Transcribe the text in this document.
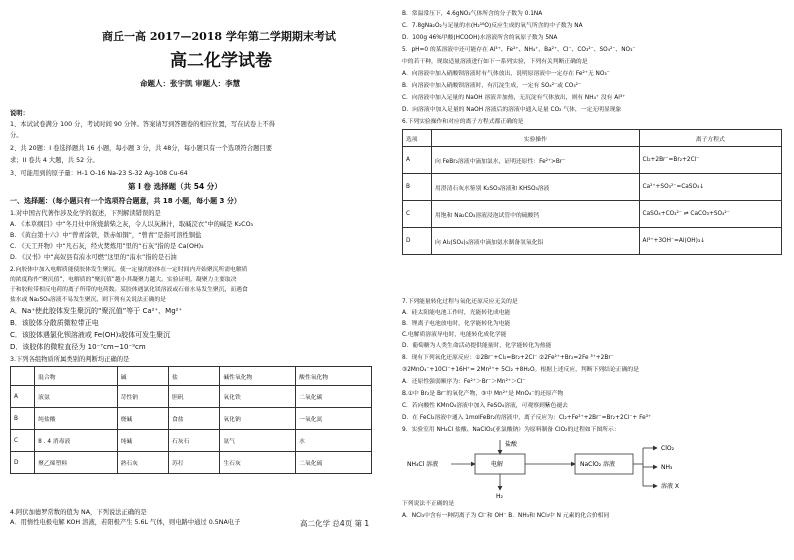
商丘一高 2017—2018 学年第二学期期末考试
高二化学试卷
命题人：张宇凯 审题人：李慧
说明：
1、本试试卷满分 100 分，考试时间 90 分钟。答案请写到答题卷的相应位置，写在试卷上不得
分。
2、共 20题：I 卷选择题共 16 小题，每小题 3 分，共 48分，每小题只有一个选项符合题目要
求；II 卷共 4 大题，共 52 分。
3、可能用到的原子量：H-1 O-16 Na-23 S-32 Ag-108 Cu-64
第 I 卷 选择题（共 54 分）
一、选择题：（每小题只有一个选项符合题意，共 18 小题，每小题 3 分）
1.对中国古代著作涉及化学的叙述，下列解读错误的是
A. 《本草纲目》中“冬月灶中所烧薪柴之灰，令人以灰淋汁，取碱浣衣”中的碱是 K₂CO₃
B. 《黄白第十六》中“曾青涂铁，铁赤如铜”，“曾青”是指可溶性铜盐
C. 《天工开物》中“凡石灰，经火焚炼用”里的“石灰”指的是 Ca(OH)₂
D. 《汉书》中“高奴县有洧水可燃”这里的“洧水”指的是石油
2.向胶体中加入电解质能使胶体发生聚沉。使一定量的胶体在一定时间内开始聚沉所需电解质
的浓度称作“聚沉值”，电解质的“聚沉值”越小其凝聚力越大。实验证明，凝聚力主要取决
于和胶粒带相反电荷的离子所带的电荷数。某胶体遇氯化镁溶液或石膏水易发生聚沉，而遇食
盐水或 Na₂SO₄溶液不易发生聚沉，则下列有关说法正确的是
A．Na⁺使此胶体发生聚沉的“聚沉值”等于 Ca²⁺、Mg²⁺
B．该胶体分散质微粒带正电
C．该胶体遇氯化钡溶液或 Fe(OH)₃胶体可发生聚沉
D．该胶体的微粒直径为 10⁻⁷cm~10⁻⁹cm
3.下列各组物质所属类别的判断均正确的是
	混合物	碱	盐	碱性氧化物	酸性氧化物
A	液氨	苛性钠	胆矾	氧化铁	二氧化碳
B	纯盐酸	烧碱	食盐	氧化钠	一氧化氮
C	8 . 4 消毒液	纯碱	石灰石	氨气	水
D	聚乙烯塑料	熟石灰	苏打	生石灰	二氧化硫
4.阿伏加德罗常数的值为 NA，下列说法正确的是
A．用惰性电极电解 KOH 溶液，若阳极产生 5.6L 气体，则电路中通过 0.5NA电子
B．常温常压下，4.6gNO₂气体所含的分子数为 0.1NA
C．7.8gNa₂O₂与足量的水(H₂¹⁸O)反应生成的氧气所含的中子数为 NA
D．100g 46%甲酸(HCOOH)水溶液所含的氧原子数为 5NA
5．pH=0 的某溶液中还可能存在 Al³⁺、Fe²⁺、NH₄⁺、Ba²⁺、Cl⁻、CO₃²⁻、SO₄²⁻、NO₃⁻
中的若干种，现取适量溶液进行如下一系列实验，下列有关判断正确的是
A．向溶液中加入硝酸钡溶液时有气体放出，说明原溶液中一定存在 Fe²⁺无 NO₃⁻
B．向溶液中加入硝酸钡溶液时，有沉淀生成，一定有 SO₄²⁻或 CO₃²⁻
C．向溶液中加入足量的 NaOH 溶液并加热，无沉淀有气体放出，则有 NH₄⁺ 没有 Al³⁺
D．向溶液中加入足量的 NaOH 溶液后的溶液中通入足量 CO₂ 气体，一定无明显现象
6.下列实验操作和对应的离子方程式都正确的是
选项	实验操作	离子方程式
A	向 FeBr₂溶液中滴加氯水，证明还原性：Fe²⁺>Br⁻	Cl₂+2Br⁻=Br₂+2Cl⁻
B	用澄清石灰水鉴别 K₂SO₃溶液和 KHSO₃溶液	Ca²⁺+SO₃²⁻=CaSO₃↓
C	用饱和 Na₂CO₃溶液浸泡试管中的硫酸钙	CaSO₄+CO₃²⁻ ⇌ CaCO₃+SO₄²⁻
D	向 Al₂(SO₄)₃溶液中滴加氨水制备氢氧化铝	Al³⁺+3OH⁻=Al(OH)₃↓
7.下列能量转化过程与氧化还原反应无关的是
A．硅太阳能电池工作时，光能转化成电能
B．锂离子电池放电时，化学能转化为电能
C.电解质溶液导电时，电能转化成化学能
D．葡萄糖为人类生命活动提供能量时，化学能转化为热能
8．现有下列氧化还原反应：①2Br⁻+Cl₂=Br₂+2Cl⁻ ②2Fe²⁺+Br₂=2Fe ³⁺+2Br⁻
③2MnO₄⁻+10Cl⁻+16H⁺= 2Mn²⁺+ 5Cl₂ +8H₂O。根据上述反应，判断下列结论正确的是
A．还原性强弱顺序为：Fe²⁺＞Br⁻＞Mn²⁺＞Cl⁻
B.①中 Br₂是 Br⁻的氧化产物，③中 Mn²⁺是 MnO₄⁻的还原产物
C．若向酸性 KMnO₄溶液中加入 FeSO₄溶液，可观察到紫色褪去
D．在 FeCl₂溶液中通入 1molFeBr₂的溶液中，离子反应为：Cl₂+Fe²⁺+2Br⁻=Br₂+2Cl⁻+ Fe³⁺
9．实验室用 NH₄Cl 盐酸、NaClO₂(亚氯酸钠）为原料制备 ClO₂的过程如下图所示：
下列说法不正确的是
A．NCl₃中含有一种阴离子为 Cl⁻和 OH⁻ B．NH₃和 NCl₃中 N 元素的化合价相同
NH₄Cl 溶液	电解
盐酸
H₂
NaClO₂ 溶液
ClO₂
NH₃
溶液 X
高二化学 总4页 第 1
